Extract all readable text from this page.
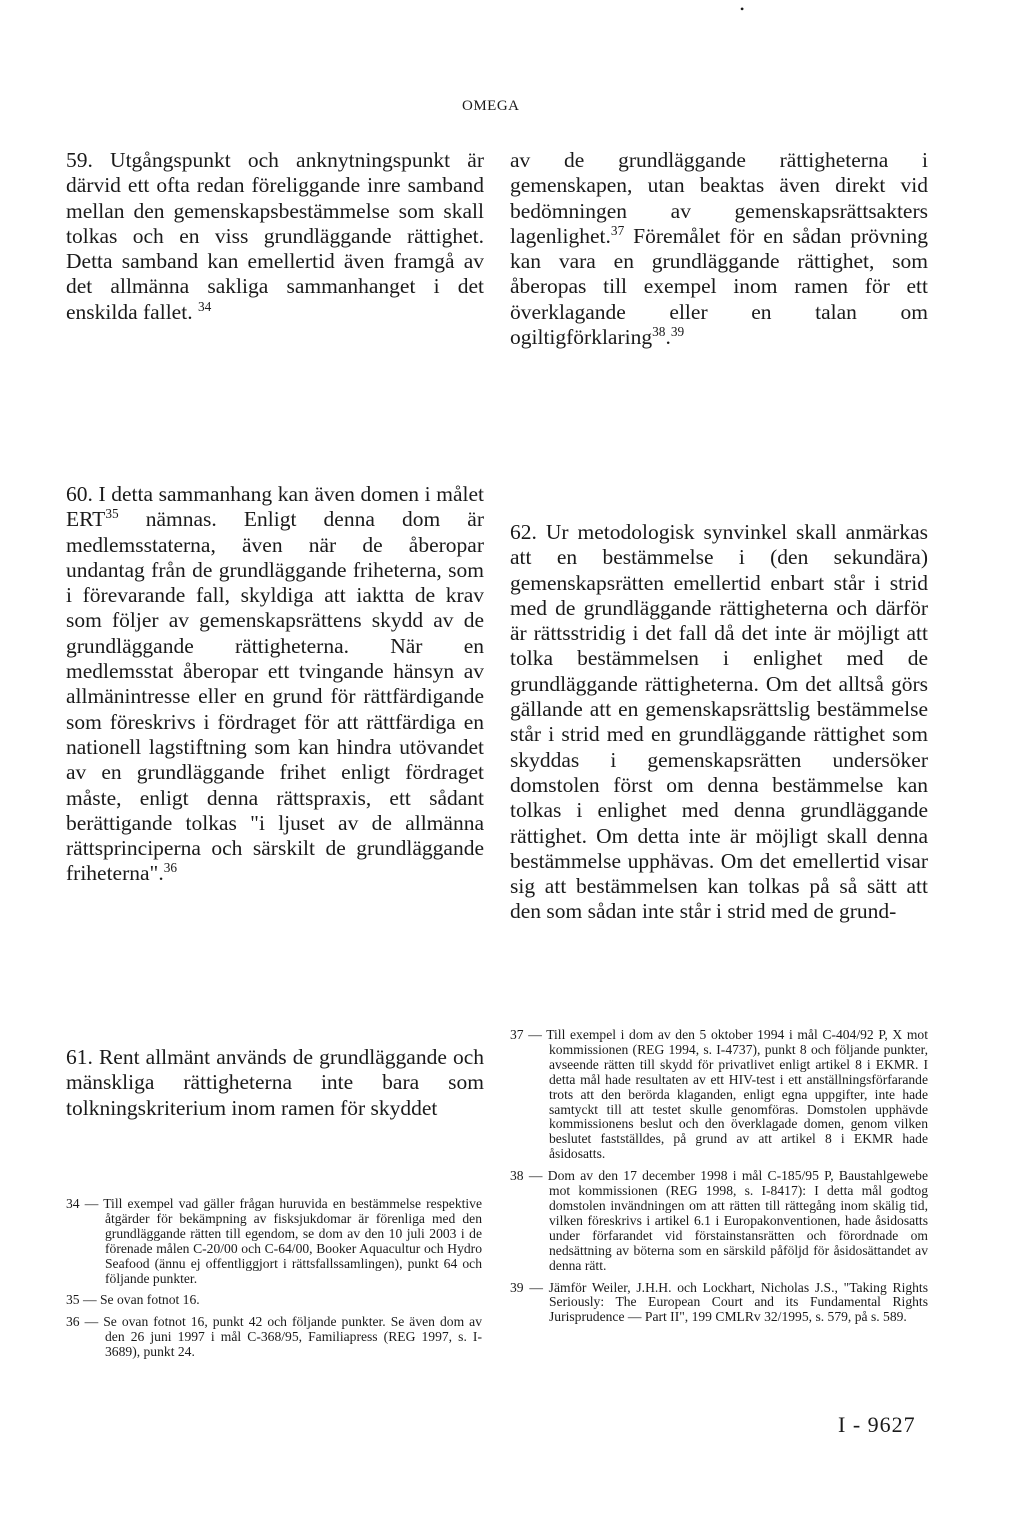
OMEGA
•

59. Utgångspunkt och anknytningspunkt är därvid ett ofta redan föreliggande inre samband mellan den gemenskapsbestämmelse som skall tolkas och en viss grundläggande rättighet. Detta samband kan emellertid även framgå av det allmänna sakliga sammanhanget i det enskilda fallet. $^{34}$

av de grundläggande rättigheterna i gemenskapen, utan beaktas även direkt vid bedömningen av gemenskapsrättsakters lagenlighet.$^{37}$ Föremålet för en sådan prövning kan vara en grundläggande rättighet, som åberopas till exempel inom ramen för ett överklagande eller en talan om ogiltigförklaring$^{38}$.$^{39}$

60. I detta sammanhang kan även domen i målet ERT$^{35}$ nämnas. Enligt denna dom är medlemsstaterna, även när de åberopar undantag från de grundläggande friheterna, som i förevarande fall, skyldiga att iaktta de krav som följer av gemenskapsrättens skydd av de grundläggande rättigheterna. När en medlemsstat åberopar ett tvingande hänsyn av allmänintresse eller en grund för rättfärdigande som föreskrivs i fördraget för att rättfärdiga en nationell lagstiftning som kan hindra utövandet av en grundläggande frihet enligt fördraget måste, enligt denna rättspraxis, ett sådant berättigande tolkas "i ljuset av de allmänna rättsprinciperna och särskilt de grundläggande friheterna".$^{36}$

62. Ur metodologisk synvinkel skall anmärkas att en bestämmelse i (den sekundära) gemenskapsrätten emellertid enbart står i strid med de grundläggande rättigheterna och därför är rättsstridig i det fall då det inte är möjligt att tolka bestämmelsen i enlighet med de grundläggande rättigheterna. Om det alltså görs gällande att en gemenskapsrättslig bestämmelse står i strid med en grundläggande rättighet som skyddas i gemenskapsrätten undersöker domstolen först om denna bestämmelse kan tolkas i enlighet med denna grundläggande rättighet. Om detta inte är möjligt skall denna bestämmelse upphävas. Om det emellertid visar sig att bestämmelsen kan tolkas på så sätt att den som sådan inte står i strid med de grund-

61. Rent allmänt används de grundläggande och mänskliga rättigheterna inte bara som tolkningskriterium inom ramen för skyddet

34 — Till exempel vad gäller frågan huruvida en bestämmelse respektive åtgärder för bekämpning av fisksjukdomar är förenliga med den grundläggande rätten till egendom, se dom av den 10 juli 2003 i de förenade målen C-20/00 och C-64/00, Booker Aquacultur och Hydro Seafood (ännu ej offentliggjort i rättsfallssamlingen), punkt 64 och följande punkter.

35 — Se ovan fotnot 16.

36 — Se ovan fotnot 16, punkt 42 och följande punkter. Se även dom av den 26 juni 1997 i mål C-368/95, Familiapress (REG 1997, s. I-3689), punkt 24.

37 — Till exempel i dom av den 5 oktober 1994 i mål C-404/92 P, X mot kommissionen (REG 1994, s. I-4737), punkt 8 och följande punkter, avseende rätten till skydd för privatlivet enligt artikel 8 i EKMR. I detta mål hade resultaten av ett HIV-test i ett anställningsförfarande trots att den berörda klaganden, enligt egna uppgifter, inte hade samtyckt till att testet skulle genomföras. Domstolen upphävde kommissionens beslut och den överklagade domen, genom vilken beslutet fastställdes, på grund av att artikel 8 i EKMR hade åsidosatts.

38 — Dom av den 17 december 1998 i mål C-185/95 P, Baustahlgewebe mot kommissionen (REG 1998, s. I-8417): I detta mål godtog domstolen invändningen om att rätten till rättegång inom skälig tid, vilken föreskrivs i artikel 6.1 i Europakonventionen, hade åsidosatts under förfarandet vid förstainstansrätten och förordnade om nedsättning av böterna som en särskild påföljd för åsidosättandet av denna rätt.

39 — Jämför Weiler, J.H.H. och Lockhart, Nicholas J.S., "Taking Rights Seriously: The European Court and its Fundamental Rights Jurisprudence — Part II", 199 CMLRv 32/1995, s. 579, på s. 589.

I - 9627
